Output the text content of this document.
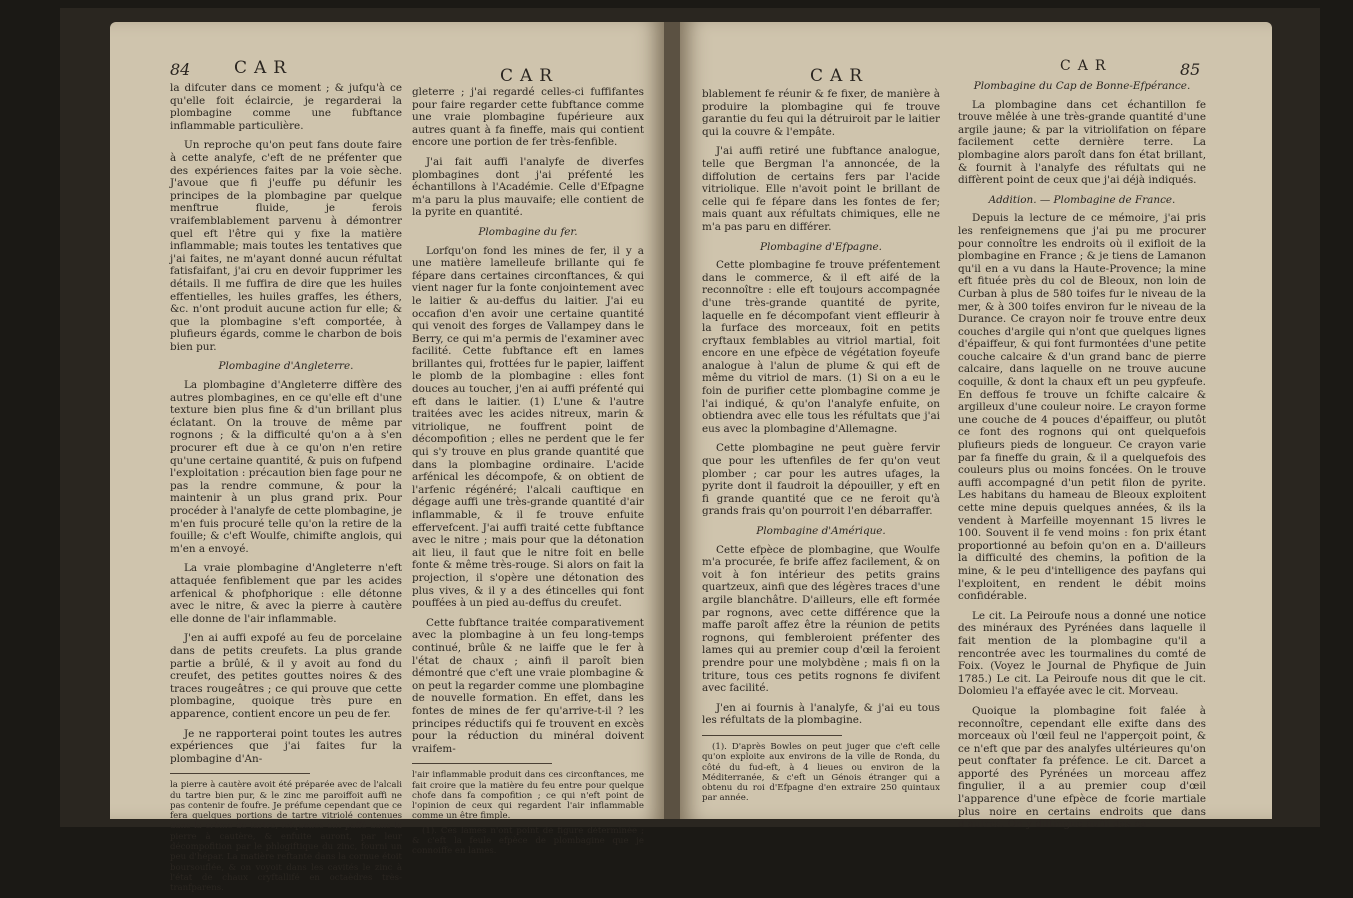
84	CAR

la difcuter dans ce moment ; & jufqu'à ce qu'elle foit éclaircie, je regarderai la plombagine comme une fubftance inflammable particulière.

Un reproche qu'on peut fans doute faire à cette analyfe, c'eft de ne préfenter que des expériences faites par la voie sèche. J'avoue que fi j'euffe pu défunir les principes de la plombagine par quelque menftrue fluide, je ferois vraifemblablement parvenu à démontrer quel eft l'être qui y fixe la matière inflammable; mais toutes les tentatives que j'ai faites, ne m'ayant donné aucun réfultat fatisfaifant, j'ai cru en devoir fupprimer les détails. Il me fuffira de dire que les huiles effentielles, les huiles graffes, les éthers, &c. n'ont produit aucune action fur elle; & que la plombagine s'eft comportée, à plufieurs égards, comme le charbon de bois bien pur.

Plombagine d'Angleterre.

La plombagine d'Angleterre diffère des autres plombagines, en ce qu'elle eft d'une texture bien plus fine & d'un brillant plus éclatant. On la trouve de même par rognons ; & la difficulté qu'on a à s'en procurer eft due à ce qu'on n'en retire qu'une certaine quantité, & puis on fufpend l'exploitation : précaution bien fage pour ne pas la rendre commune, & pour la maintenir à un plus grand prix. Pour procéder à l'analyfe de cette plombagine, je m'en fuis procuré telle qu'on la retire de la fouille; & c'eft Woulfe, chimifte anglois, qui m'en a envoyé.

La vraie plombagine d'Angleterre n'eft attaquée fenfiblement que par les acides arfenical & phofphorique : elle détonne avec le nitre, & avec la pierre à cautère elle donne de l'air inflammable.

J'en ai auffi expofé au feu de porcelaine dans de petits creufets. La plus grande partie a brûlé, & il y avoit au fond du creufet, des petites gouttes noires & des traces rougeâtres ; ce qui prouve que cette plombagine, quoique très pure en apparence, contient encore un peu de fer.

Je ne rapporterai point toutes les autres expériences que j'ai faites fur la plombagine d'An-

la pierre à cautère avoit été préparée avec de l'alcali du tartre bien pur, & le zinc me paroiffoit auffi ne pas contenir de foufre. Je préfume cependant que ce fera quelques portions de tartre vitriolé contenues dans la crème de tartre, lefquelles ont paffé dans la pierre à cautère, & enfuite auront, par leur décompofition par le phlogiftique du zinc, fourni un peu d'hépar. La matière reftante dans la cornue étoit boursouflée, & on voyoit dans les cavités le zinc à l'état de chaux cryftallifé en octaèdres très-tranfparens.

CAR

gleterre ; j'ai regardé celles-ci fuffifantes pour faire regarder cette fubftance comme une vraie plombagine fupérieure aux autres quant à fa fineffe, mais qui contient encore une portion de fer très-fenfible.

J'ai fait auffi l'analyfe de diverfes plombagines dont j'ai préfenté les échantillons à l'Académie. Celle d'Efpagne m'a paru la plus mauvaife; elle contient de la pyrite en quantité.

Plombagine du fer.

Lorfqu'on fond les mines de fer, il y a une matière lamelleufe brillante qui fe fépare dans certaines circonftances, & qui vient nager fur la fonte conjointement avec le laitier & au-deffus du laitier. J'ai eu occafion d'en avoir une certaine quantité qui venoit des forges de Vallampey dans le Berry, ce qui m'a permis de l'examiner avec facilité. Cette fubftance eft en lames brillantes qui, frottées fur le papier, laiffent le plomb de la plombagine : elles font douces au toucher, j'en ai auffi préfenté qui eft dans le laitier. (1) L'une & l'autre traitées avec les acides nitreux, marin & vitriolique, ne fouffrent point de décompofition ; elles ne perdent que le fer qui s'y trouve en plus grande quantité que dans la plombagine ordinaire. L'acide arfénical les décompofe, & on obtient de l'arfenic régénéré; l'alcali cauftique en dégage auffi une très-grande quantité d'air inflammable, & il fe trouve enfuite effervefcent. J'ai auffi traité cette fubftance avec le nitre ; mais pour que la détonation ait lieu, il faut que le nitre foit en belle fonte & même très-rouge. Si alors on fait la projection, il s'opère une détonation des plus vives, & il y a des étincelles qui font pouffées à un pied au-deffus du creufet.

Cette fubftance traitée comparativement avec la plombagine à un feu long-temps continué, brûle & ne laiffe que le fer à l'état de chaux ; ainfi il paroît bien démontré que c'eft une vraie plombagine & on peut la regarder comme une plombagine de nouvelle formation. En effet, dans les fontes de mines de fer qu'arrive-t-il ? les principes réductifs qui fe trouvent en excès pour la réduction du minéral doivent vraifem-

l'air inflammable produit dans ces circonftances, me fait croire que la matière du feu entre pour quelque chofe dans fa compofition ; ce qui n'eft point de l'opinion de ceux qui regardent l'air inflammable comme un être fimple.

(1). Ces lames n'ont point de figure déterminée ; & c'eft la feule efpèce de plombagine que je connoiffe en lames.

CAR	CAR	85

blablement fe réunir & fe fixer, de manière à produire la plombagine qui fe trouve garantie du feu qui la détruiroit par le laitier qui la couvre & l'empâte.

J'ai auffi retiré une fubftance analogue, telle que Bergman l'a annoncée, de la diffolution de certains fers par l'acide vitriolique. Elle n'avoit point le brillant de celle qui fe fépare dans les fontes de fer; mais quant aux réfultats chimiques, elle ne m'a pas paru en différer.

Plombagine d'Efpagne.

Cette plombagine fe trouve préfentement dans le commerce, & il eft aifé de la reconnoître : elle eft toujours accompagnée d'une très-grande quantité de pyrite, laquelle en fe décompofant vient effleurir à la furface des morceaux, foit en petits cryftaux femblables au vitriol martial, foit encore en une efpèce de végétation foyeufe analogue à l'alun de plume & qui eft de même du vitriol de mars. (1) Si on a eu le foin de purifier cette plombagine comme je l'ai indiqué, & qu'on l'analyfe enfuite, on obtiendra avec elle tous les réfultats que j'ai eus avec la plombagine d'Allemagne.

Cette plombagine ne peut guère fervir que pour les uftenfiles de fer qu'on veut plomber ; car pour les autres ufages, la pyrite dont il faudroit la dépouiller, y eft en fi grande quantité que ce ne feroit qu'à grands frais qu'on pourroit l'en débarraffer.

Plombagine d'Amérique.

Cette efpèce de plombagine, que Woulfe m'a procurée, fe brife affez facilement, & on voit à fon intérieur des petits grains quartzeux, ainfi que des légères traces d'une argile blanchâtre. D'ailleurs, elle eft formée par rognons, avec cette différence que la maffe paroît affez être la réunion de petits rognons, qui fembleroient préfenter des lames qui au premier coup d'œil la feroient prendre pour une molybdène ; mais fi on la triture, tous ces petits rognons fe divifent avec facilité.

J'en ai fournis à l'analyfe, & j'ai eu tous les réfultats de la plombagine.

(1). D'après Bowles on peut juger que c'eft celle qu'on exploite aux environs de la ville de Ronda, du côté du fud-eft, à 4 lieues ou environ de la Méditerranée, & c'eft un Génois étranger qui a obtenu du roi d'Efpagne d'en extraire 250 quintaux par année.

Plombagine du Cap de Bonne-Efpérance.

La plombagine dans cet échantillon fe trouve mêlée à une très-grande quantité d'une argile jaune; & par la vitriolifation on fépare facilement cette dernière terre. La plombagine alors paroît dans fon état brillant, & fournit à l'analyfe des réfultats qui ne diffèrent point de ceux que j'ai déjà indiqués.

Addition. — Plombagine de France.

Depuis la lecture de ce mémoire, j'ai pris les renfeignemens que j'ai pu me procurer pour connoître les endroits où il exifloit de la plombagine en France ; & je tiens de Lamanon qu'il en a vu dans la Haute-Provence; la mine eft fituée près du col de Bleoux, non loin de Curban à plus de 580 toifes fur le niveau de la mer, & à 300 toifes environ fur le niveau de la Durance. Ce crayon noir fe trouve entre deux couches d'argile qui n'ont que quelques lignes d'épaiffeur, & qui font furmontées d'une petite couche calcaire & d'un grand banc de pierre calcaire, dans laquelle on ne trouve aucune coquille, & dont la chaux eft un peu gypfeufe. En deffous fe trouve un fchifte calcaire & argilleux d'une couleur noire. Le crayon forme une couche de 4 pouces d'épaiffeur, ou plutôt ce font des rognons qui ont quelquefois plufieurs pieds de longueur. Ce crayon varie par fa fineffe du grain, & il a quelquefois des couleurs plus ou moins foncées. On le trouve auffi accompagné d'un petit filon de pyrite. Les habitans du hameau de Bleoux exploitent cette mine depuis quelques années, & ils la vendent à Marfeille moyennant 15 livres le 100. Souvent il fe vend moins : fon prix étant proportionné au befoin qu'on en a. D'ailleurs la difficulté des chemins, la pofition de la mine, & le peu d'intelligence des payfans qui l'exploitent, en rendent le débit moins confidérable.

Le cit. La Peiroufe nous a donné une notice des minéraux des Pyrénées dans laquelle il fait mention de la plombagine qu'il a rencontrée avec les tourmalines du comté de Foix. (Voyez le Journal de Phyfique de Juin 1785.) Le cit. La Peiroufe nous dit que le cit. Dolomieu l'a effayée avec le cit. Morveau.

Quoique la plombagine foit falée à reconnoître, cependant elle exifte dans des morceaux où l'œil feul ne l'apperçoit point, & ce n'eft que par des analyfes ultérieures qu'on peut conftater fa préfence. Le cit. Darcet a apporté des Pyrénées un morceau affez fingulier, il a au premier coup d'œil l'apparence d'une efpèce de fcorie martiale plus noire en certains endroits que dans d'autres. On y diftingue auffi des ca-
